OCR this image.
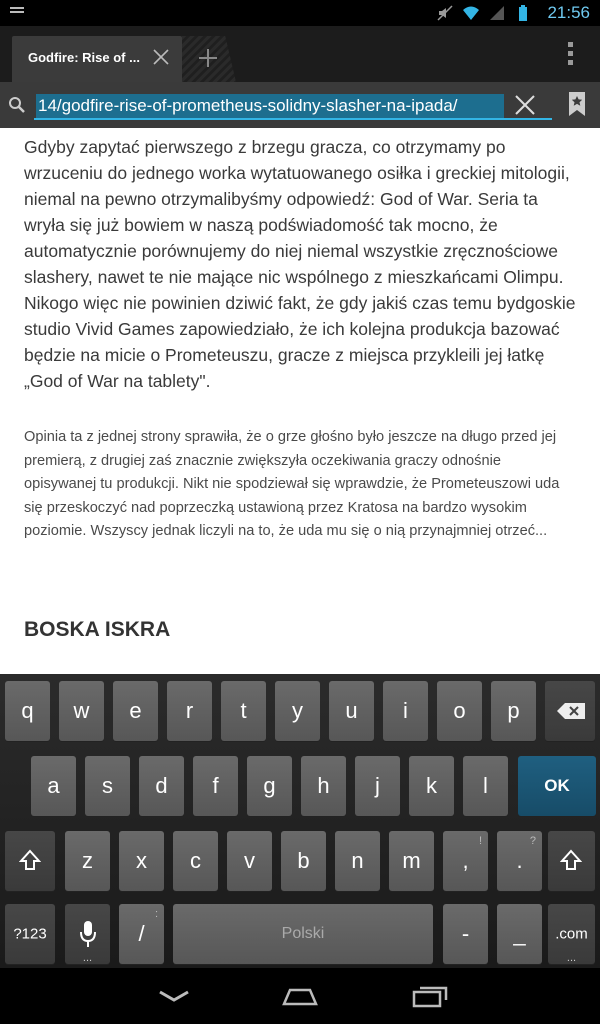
21:56
Godfire: Rise of ...
14/godfire-rise-of-prometheus-solidny-slasher-na-ipada/

Gdyby zapytać pierwszego z brzegu gracza, co otrzymamy po wrzuceniu do jednego worka wytatuowanego osiłka i greckiej mitologii, niemal na pewno otrzymalibyśmy odpowiedź: God of War. Seria ta wryła się już bowiem w naszą podświadomość tak mocno, że automatycznie porównujemy do niej niemal wszystkie zręcznościowe slashery, nawet te nie mające nic wspólnego z mieszkańcami Olimpu. Nikogo więc nie powinien dziwić fakt, że gdy jakiś czas temu bydgoskie studio Vivid Games zapowiedziało, że ich kolejna produkcja bazować będzie na micie o Prometeuszu, gracze z miejsca przykleili jej łatkę „God of War na tablety".

Opinia ta z jednej strony sprawiła, że o grze głośno było jeszcze na długo przed jej premierą, z drugiej zaś znacznie zwiększyła oczekiwania graczy odnośnie opisywanej tu produkcji. Nikt nie spodziewał się wprawdzie, że Prometeuszowi uda się przeskoczyć nad poprzeczką ustawioną przez Kratosa na bardzo wysokim poziomie. Wszyscy jednak liczyli na to, że uda mu się o nią przynajmniej otrzeć...

BOSKA ISKRA
q	w	e	r	t	y	u	i	o	p
a	s	d	f	g	h	j	k	l	OK
z	x	c	v	b	n	m
!
,
?
.
?123
...
:
/	Polski	-	_	.com
...
